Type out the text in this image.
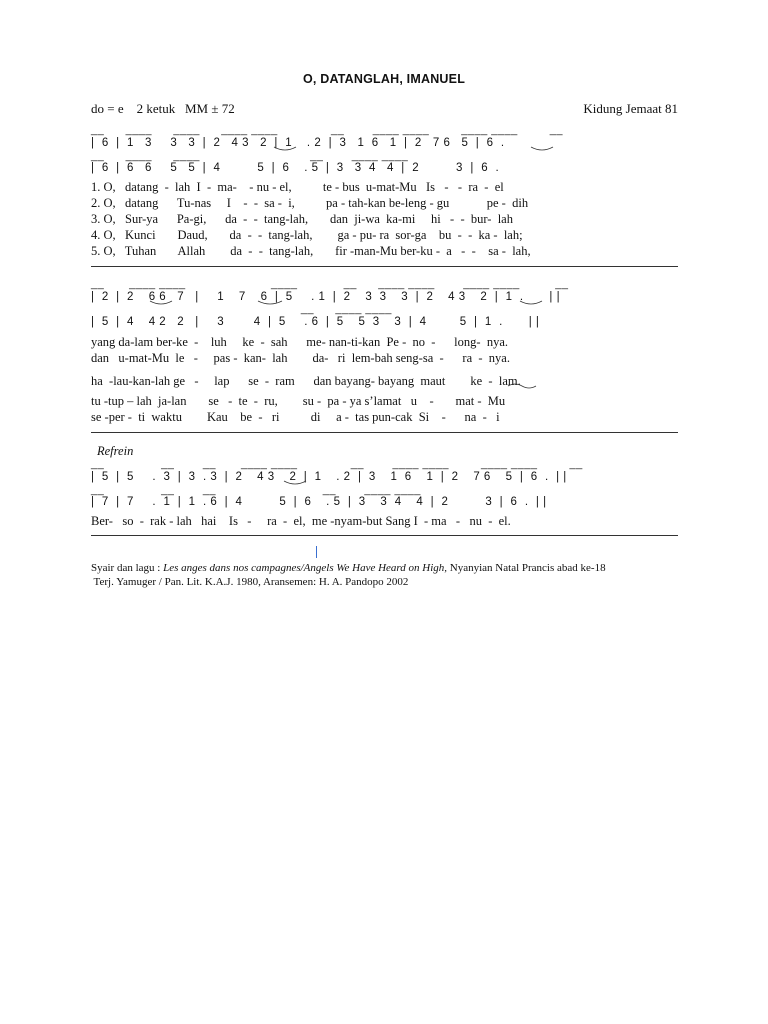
O, DATANGLAH, IMANUEL
do = e    2 ketuk   MM ± 72	Kidung Jemaat 81
__      ____      ____      ____ ____               __        ____ ____         ____ ____         __
|  6  |  1   3     3   3  |  2   4 3   2  |  1    . 2  |  3   1  6   1  |  2   7 6   5  |  6  .
__      ____      ____                               __        ____ ____
|  6  |  6   6     5   5  |  4          5  |  6    . 5  |  3   3  4   4  |  2          3  |  6  .
1. O,   datang  -  lah  I  -  ma-    - nu - el,          te - bus  u-mat-Mu   Is   -   -  ra  -  el
2. O,   datang      Tu-nas     I    -  -  sa -  i,          pa - tah-kan be-leng - gu            pe -  dih
3. O,   Sur-ya      Pa-gi,      da  -  -  tang-lah,       dan  ji-wa  ka-mi     hi   -  -  bur-  lah
4. O,   Kunci       Daud,       da  -  -  tang-lah,        ga - pu- ra  sor-ga    bu  -  -  ka -  lah;
5. O,   Tuhan       Allah        da  -  -  tang-lah,       fir -man-Mu ber-ku -  a   -  -    sa -  lah,
__       ____ ____                        ____             __      ____ ____        ____ ____          __
|  2  |  2    6 6   7   |     1    7    6  |  5     . 1  |  2    3  3    3  |  2    4 3    2  |  1  .       | |
__      ____ ____
|  5  |  4    4 2   2   |     3        4  |  5     . 6  |  5    5  3    3  |  4         5  |  1  .       | |
yang da-lam ber-ke  -    luh     ke  -  sah      me- nan-ti-kan  Pe -  no  -      long-  nya.
dan   u-mat-Mu  le   -     pas -  kan-  lah        da-   ri  lem-bah seng-sa  -      ra  -  nya.
ha  -lau-kan-lah ge   -     lap      se  -  ram      dan bayang- bayang  maut        ke  -  lam.
tu -tup – lah  ja-lan       se   -  te  -  ru,        su -  pa - ya s’lamat   u    -       mat -  Mu
se -per -  ti  waktu        Kau    be  -   ri          di     a -  tas pun-cak  Si    -      na  -   i
Refrein
__                __        __       ____ ____               __        ____ ____         ____ ____         __
|  5  |  5     .  3  |  3  . 3  |  2    4 3    2  |  1    . 2  |  3    1  6    1  |  2    7 6    5  |  6  .  | |
__                __        __                              __        ____ ____
|  7  |  7     .  1  |  1  . 6  |  4          5  |  6    . 5  |  3    3  4    4  |  2          3  |  6  .  | |
Ber-   so  -  rak - lah   hai    Is   -     ra  -  el,  me -nyam-but Sang I  - ma   -   nu  -  el.
Syair dan lagu : Les anges dans nos campagnes/Angels We Have Heard on High, Nyanyian Natal Prancis abad ke-18
Terj. Yamuger / Pan. Lit. K.A.J. 1980, Aransemen: H. A. Pandopo 2002
